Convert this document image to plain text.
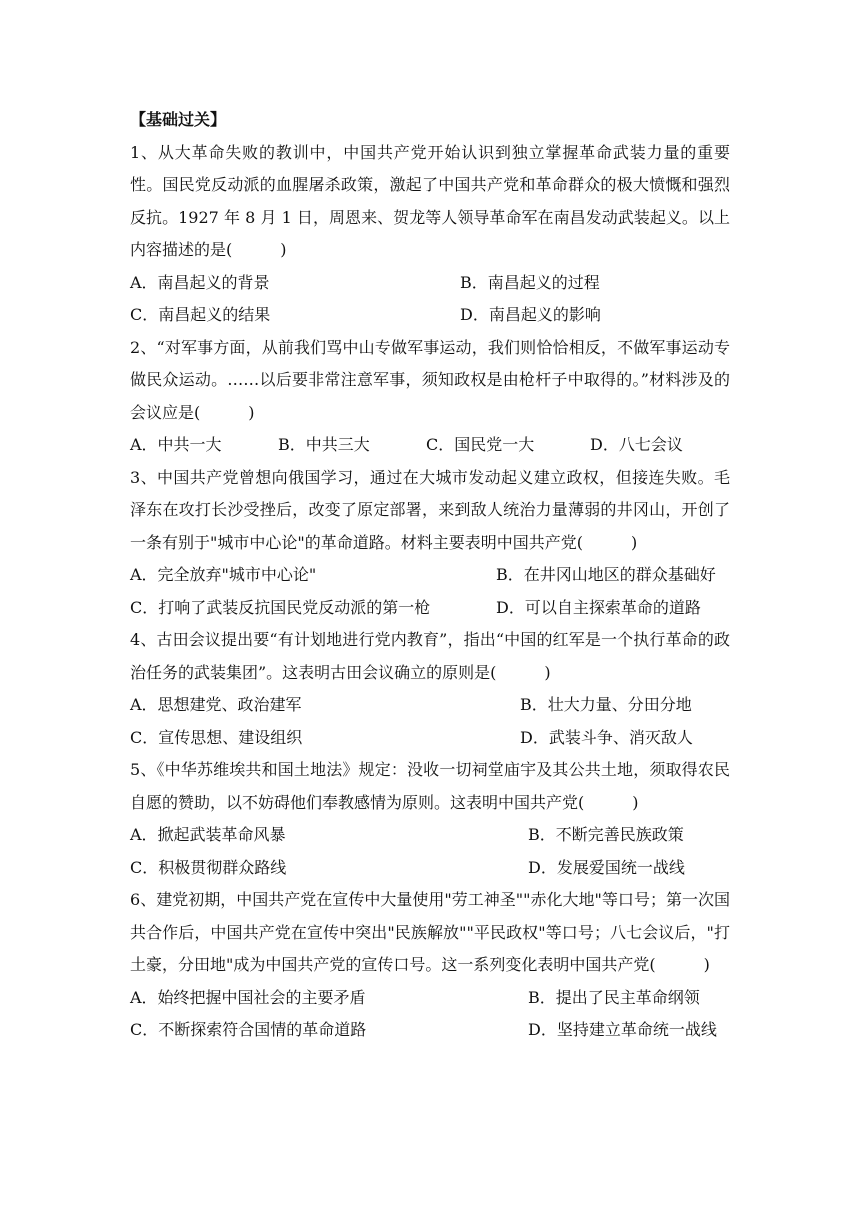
【基础过关】
1、从大革命失败的教训中，中国共产党开始认识到独立掌握革命武装力量的重要性。国民党反动派的血腥屠杀政策，激起了中国共产党和革命群众的极大愤慨和强烈反抗。1927 年 8 月 1 日，周恩来、贺龙等人领导革命军在南昌发动武装起义。以上内容描述的是(　　　)
A．南昌起义的背景	B．南昌起义的过程
C．南昌起义的结果	D．南昌起义的影响
2、“对军事方面，从前我们骂中山专做军事运动，我们则恰恰相反，不做军事运动专做民众运动。……以后要非常注意军事，须知政权是由枪杆子中取得的。”材料涉及的会议应是(　　　)
A．中共一大	B．中共三大	C．国民党一大	D．八七会议
3、中国共产党曾想向俄国学习，通过在大城市发动起义建立政权，但接连失败。毛泽东在攻打长沙受挫后，改变了原定部署，来到敌人统治力量薄弱的井冈山，开创了一条有别于"城市中心论"的革命道路。材料主要表明中国共产党(　　　)
A．完全放弃"城市中心论"	B．在井冈山地区的群众基础好
C．打响了武装反抗国民党反动派的第一枪	D．可以自主探索革命的道路
4、古田会议提出要“有计划地进行党内教育”，指出“中国的红军是一个执行革命的政治任务的武装集团”。这表明古田会议确立的原则是(　　　)
A．思想建党、政治建军	B．壮大力量、分田分地
C．宣传思想、建设组织	D．武装斗争、消灭敌人
5、《中华苏维埃共和国土地法》规定：没收一切祠堂庙宇及其公共土地，须取得农民自愿的赞助，以不妨碍他们奉教感情为原则。这表明中国共产党(　　　)
A．掀起武装革命风暴	B．不断完善民族政策
C．积极贯彻群众路线	D．发展爱国统一战线
6、建党初期，中国共产党在宣传中大量使用"劳工神圣""赤化大地"等口号；第一次国共合作后，中国共产党在宣传中突出"民族解放""平民政权"等口号；八七会议后，"打土豪，分田地"成为中国共产党的宣传口号。这一系列变化表明中国共产党(　　　)
A．始终把握中国社会的主要矛盾	B．提出了民主革命纲领
C．不断探索符合国情的革命道路	D．坚持建立革命统一战线
